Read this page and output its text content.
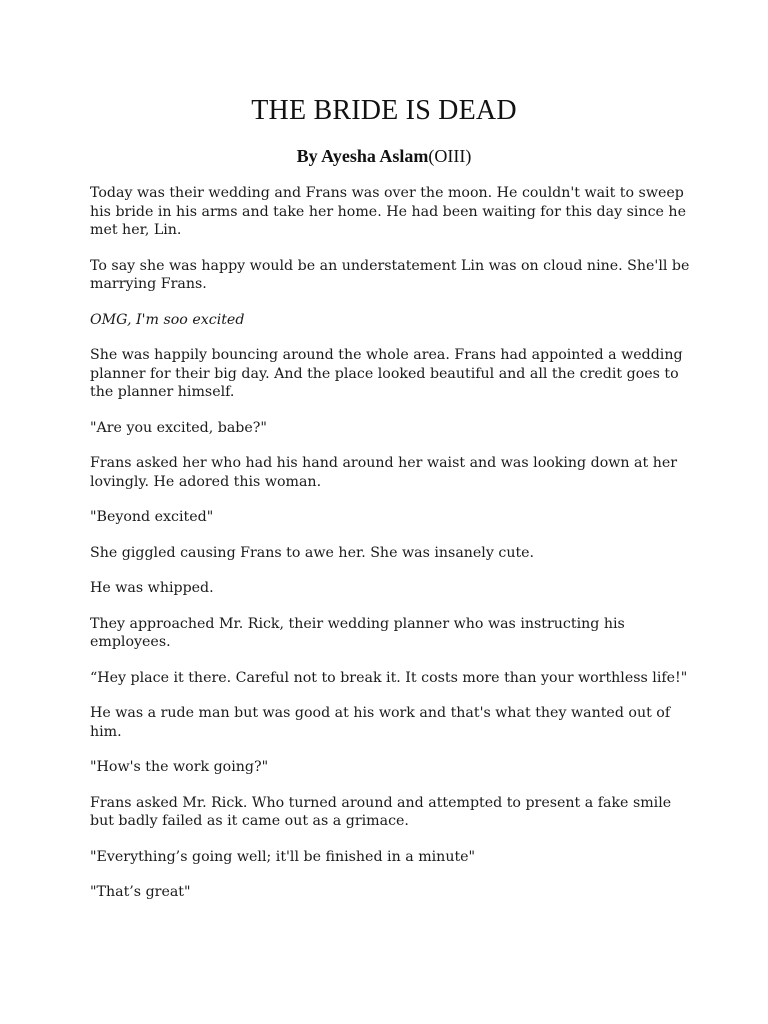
THE BRIDE IS DEAD
By Ayesha Aslam(OIII)

Today was their wedding and Frans was over the moon. He couldn't wait to sweep his bride in his arms and take her home. He had been waiting for this day since he met her, Lin.

To say she was happy would be an understatement Lin was on cloud nine. She'll be marrying Frans.

OMG, I'm soo excited

She was happily bouncing around the whole area. Frans had appointed a wedding planner for their big day. And the place looked beautiful and all the credit goes to the planner himself.

"Are you excited, babe?"

Frans asked her who had his hand around her waist and was looking down at her lovingly. He adored this woman.

"Beyond excited"

She giggled causing Frans to awe her. She was insanely cute.

He was whipped.

They approached Mr. Rick, their wedding planner who was instructing his employees.

“Hey place it there. Careful not to break it. It costs more than your worthless life!"

He was a rude man but was good at his work and that's what they wanted out of him.

"How's the work going?"

Frans asked Mr. Rick. Who turned around and attempted to present a fake smile but badly failed as it came out as a grimace.

"Everything’s going well; it'll be finished in a minute"

"That’s great"
